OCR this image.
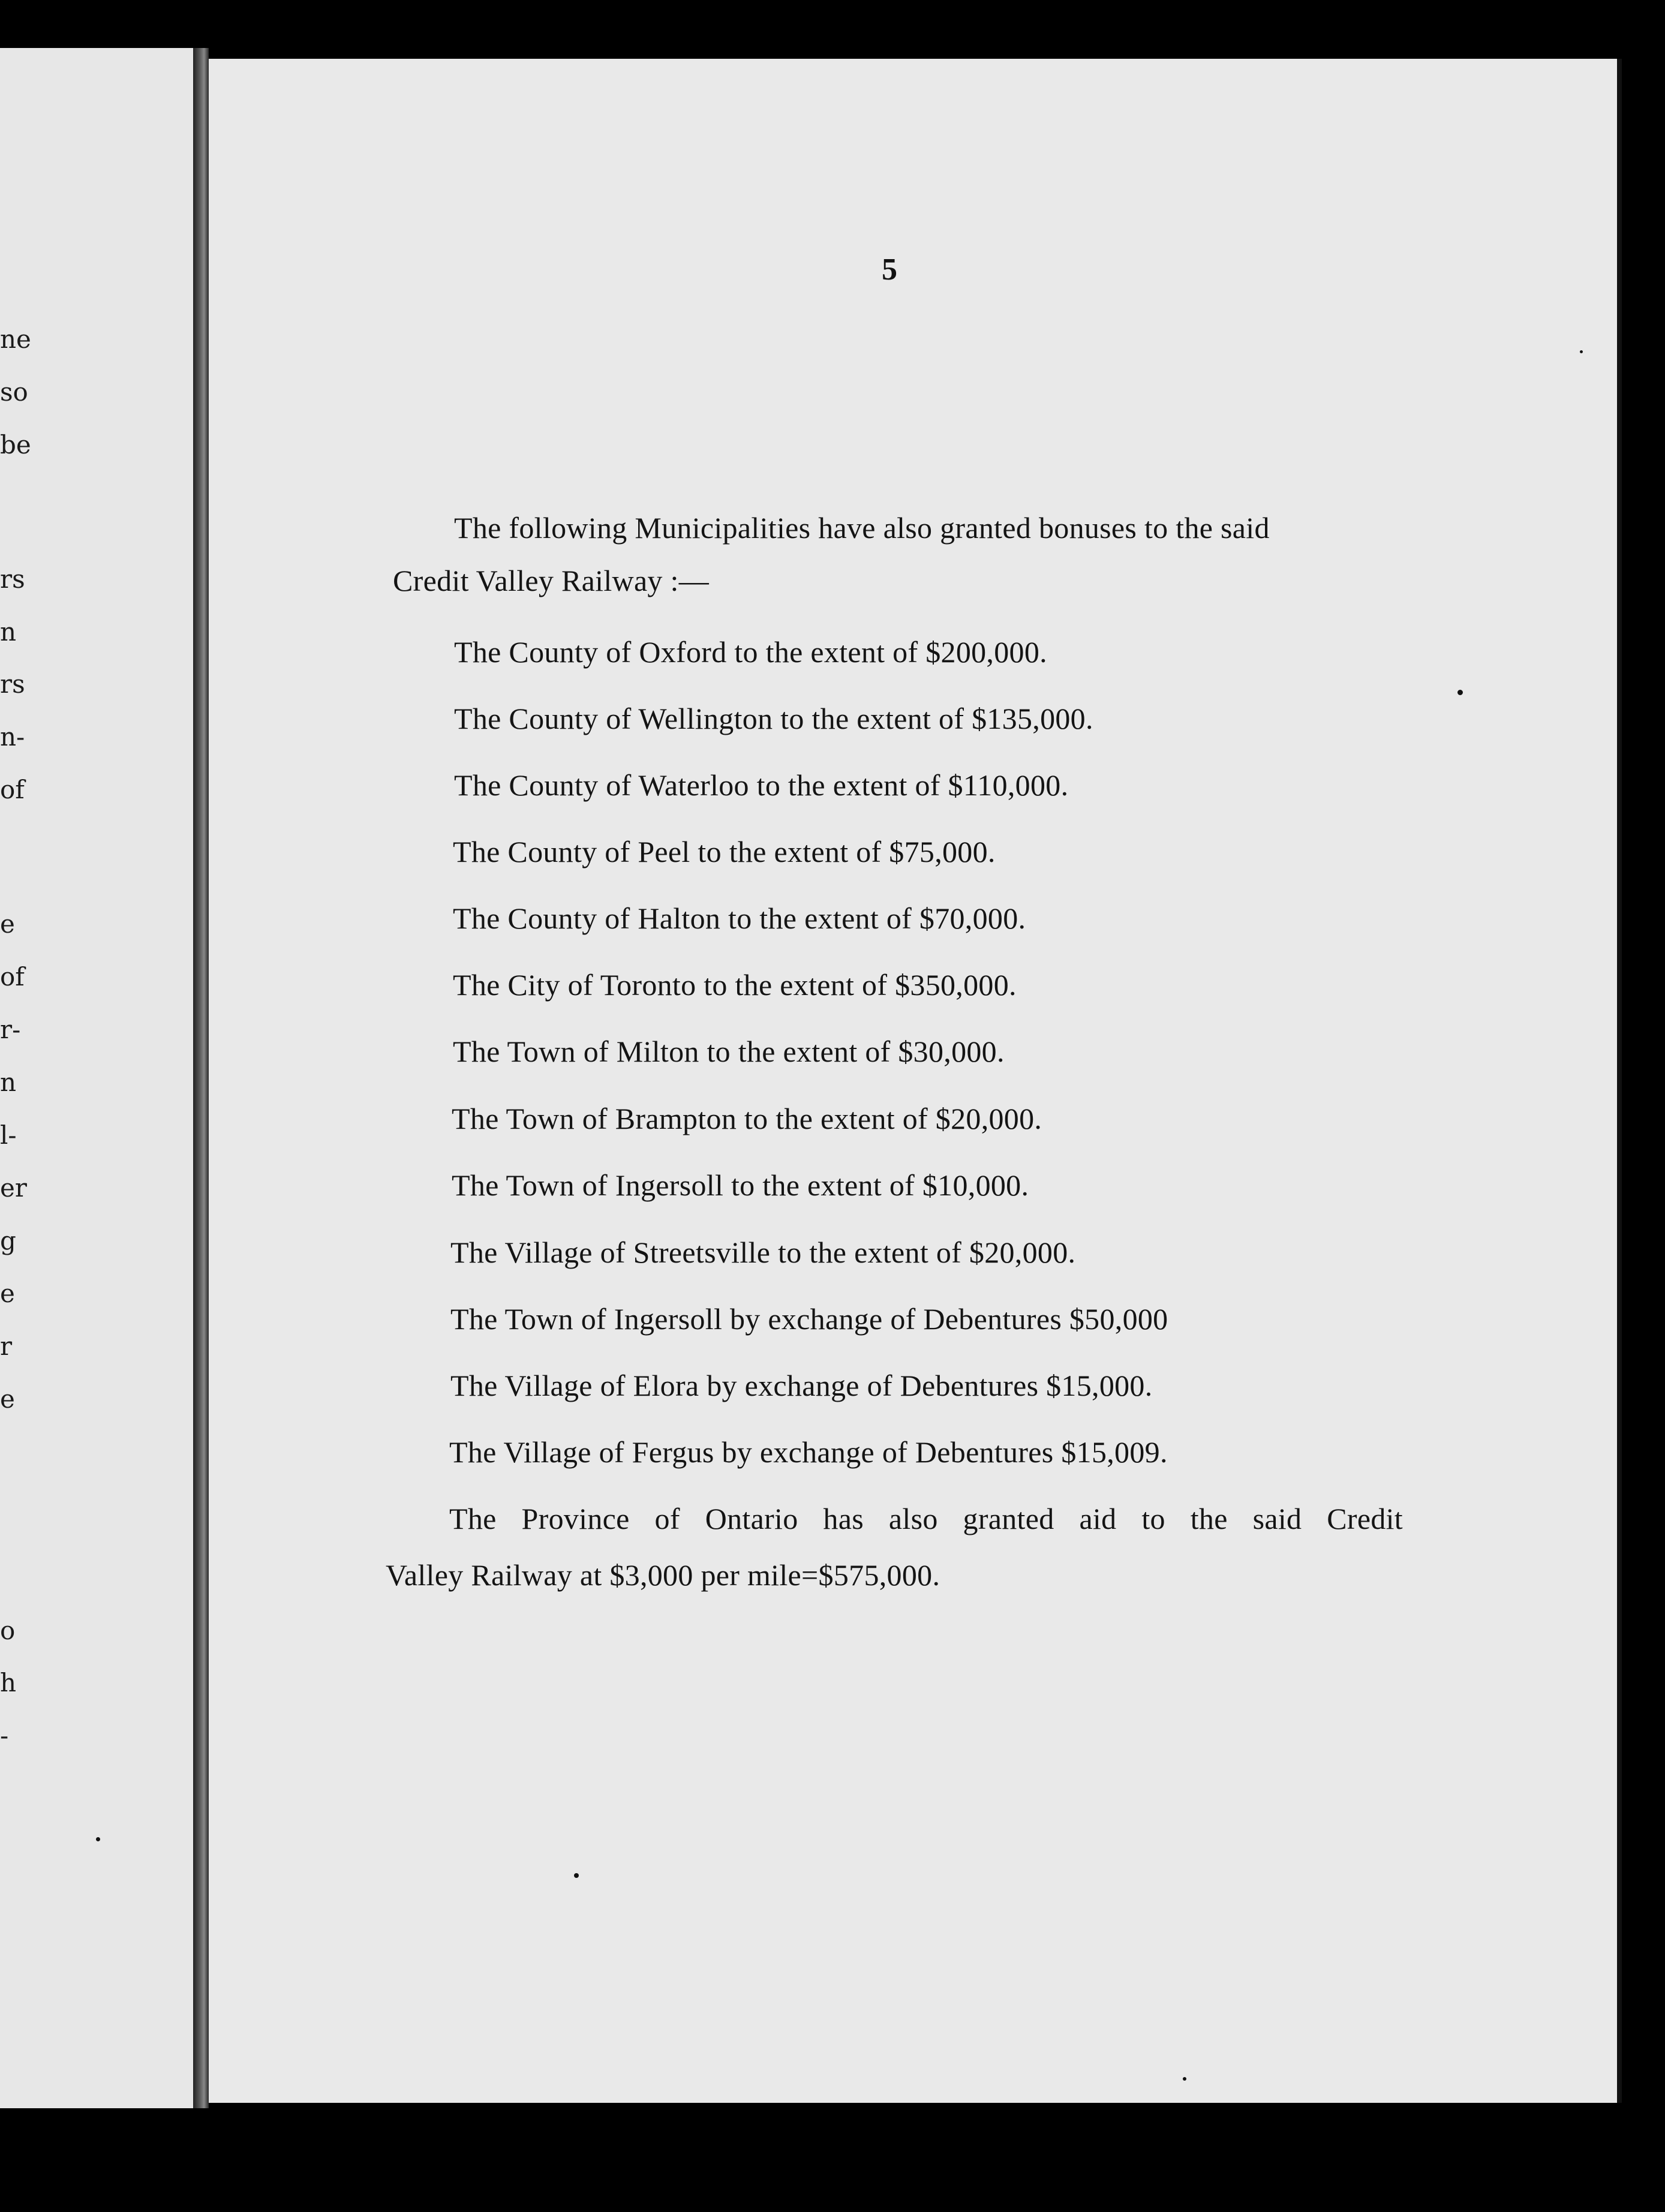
ne
so
be
rs
n
rs
n-
of
e
of
r-
n
l-
er
g
e
r
e
o
h
-
5
The following Municipalities have also granted bonuses to the said
Credit Valley Railway :—
The County of Oxford to the extent of $200,000.
The County of Wellington to the extent of $135,000.
The County of Waterloo to the extent of $110,000.
The County of Peel to the extent of $75,000.
The County of Halton to the extent of $70,000.
The City of Toronto to the extent of $350,000.
The Town of Milton to the extent of $30,000.
The Town of Brampton to the extent of $20,000.
The Town of Ingersoll to the extent of $10,000.
The Village of Streetsville to the extent of $20,000.
The Town of Ingersoll by exchange of Debentures $50,000
The Village of Elora by exchange of Debentures $15,000.
The Village of Fergus by exchange of Debentures $15,009.
The Province of Ontario has also granted aid to the said Credit
Valley Railway at $3,000 per mile=$575,000.
